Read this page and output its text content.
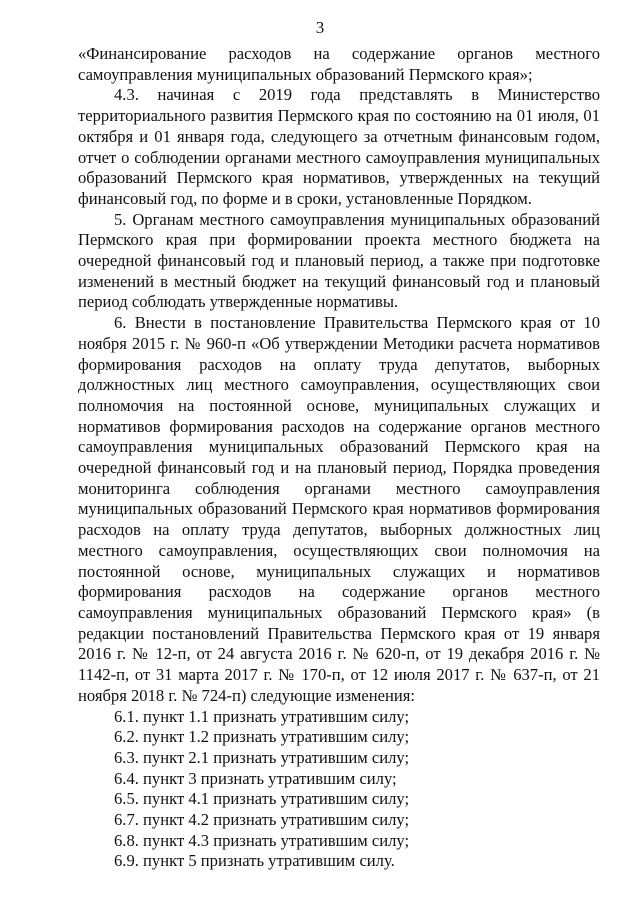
3

«Финансирование расходов на содержание органов местного самоуправления муниципальных образований Пермского края»;

4.3. начиная с 2019 года представлять в Министерство территориального развития Пермского края по состоянию на 01 июля, 01 октября и 01 января года, следующего за отчетным финансовым годом, отчет о соблюдении органами местного самоуправления муниципальных образований Пермского края нормативов, утвержденных на текущий финансовый год, по форме и в сроки, установленные Порядком.

5. Органам местного самоуправления муниципальных образований Пермского края при формировании проекта местного бюджета на очередной финансовый год и плановый период, а также при подготовке изменений в местный бюджет на текущий финансовый год и плановый период соблюдать утвержденные нормативы.

6. Внести в постановление Правительства Пермского края от 10 ноября 2015 г. № 960-п «Об утверждении Методики расчета нормативов формирования расходов на оплату труда депутатов, выборных должностных лиц местного самоуправления, осуществляющих свои полномочия на постоянной основе, муниципальных служащих и нормативов формирования расходов на содержание органов местного самоуправления муниципальных образований Пермского края на очередной финансовый год и на плановый период, Порядка проведения мониторинга соблюдения органами местного самоуправления муниципальных образований Пермского края нормативов формирования расходов на оплату труда депутатов, выборных должностных лиц местного самоуправления, осуществляющих свои полномочия на постоянной основе, муниципальных служащих и нормативов формирования расходов на содержание органов местного самоуправления муниципальных образований Пермского края» (в редакции постановлений Правительства Пермского края от 19 января 2016 г. № 12-п, от 24 августа 2016 г. № 620-п, от 19 декабря 2016 г. № 1142-п, от 31 марта 2017 г. № 170-п, от 12 июля 2017 г. № 637-п, от 21 ноября 2018 г. № 724-п) следующие изменения:

6.1. пункт 1.1 признать утратившим силу;
6.2. пункт 1.2 признать утратившим силу;
6.3. пункт 2.1 признать утратившим силу;
6.4. пункт 3 признать утратившим силу;
6.5. пункт 4.1 признать утратившим силу;
6.7. пункт 4.2 признать утратившим силу;
6.8. пункт 4.3 признать утратившим силу;
6.9. пункт 5 признать утратившим силу.
